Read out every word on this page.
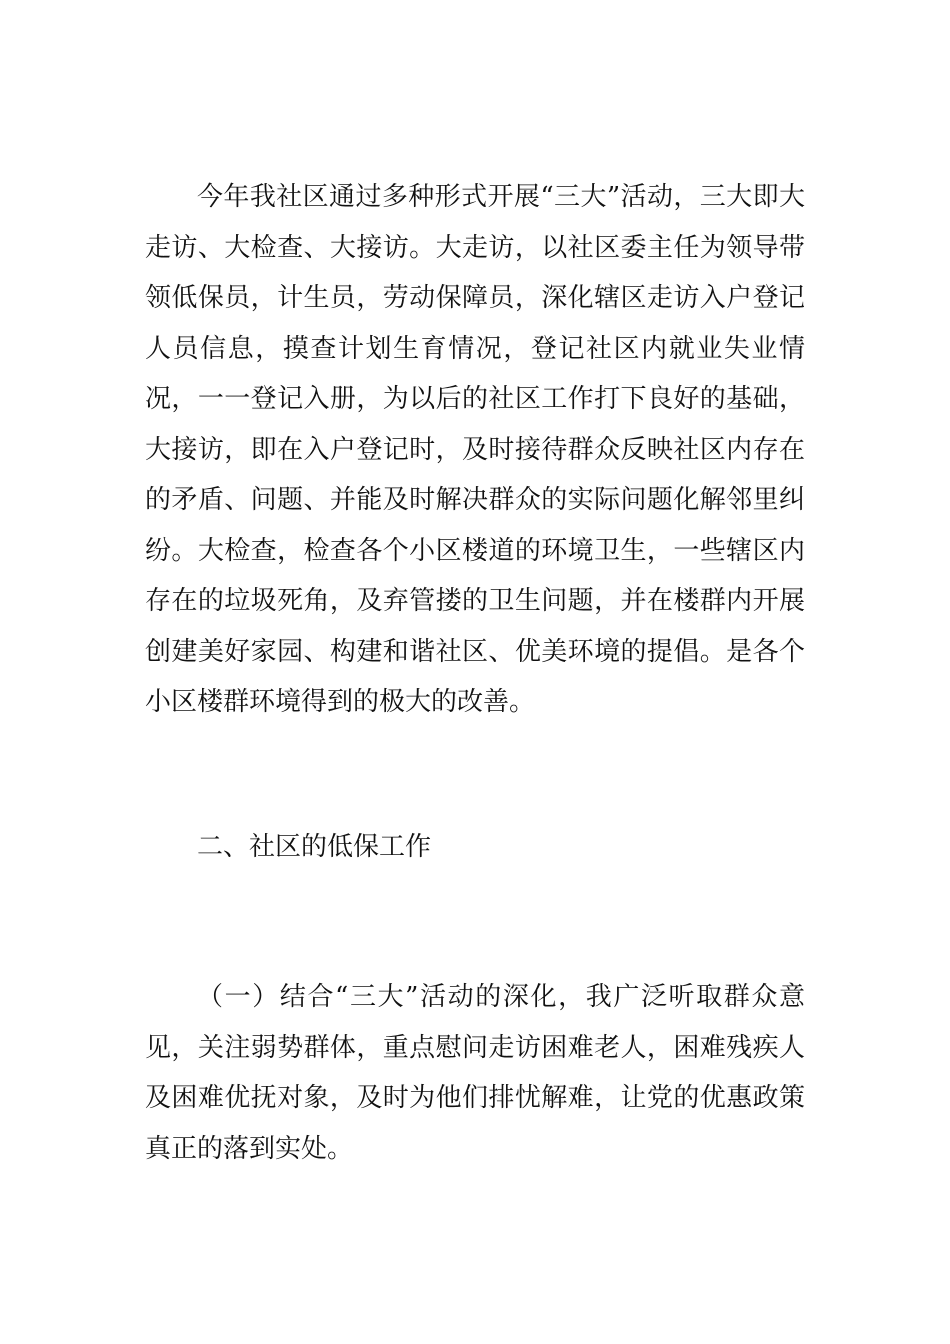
今年我社区通过多种形式开展“三大”活动，三大即大走访、大检查、大接访。大走访，以社区委主任为领导带领低保员，计生员，劳动保障员，深化辖区走访入户登记人员信息，摸查计划生育情况，登记社区内就业失业情况，一一登记入册，为以后的社区工作打下良好的基础，大接访，即在入户登记时，及时接待群众反映社区内存在的矛盾、问题、并能及时解决群众的实际问题化解邻里纠纷。大检查，检查各个小区楼道的环境卫生，一些辖区内存在的垃圾死角，及弃管搂的卫生问题，并在楼群内开展创建美好家园、构建和谐社区、优美环境的提倡。是各个小区楼群环境得到的极大的改善。

二、社区的低保工作

（一）结合“三大”活动的深化，我广泛听取群众意见，关注弱势群体，重点慰问走访困难老人，困难残疾人及困难优抚对象，及时为他们排忧解难，让党的优惠政策真正的落到实处。
